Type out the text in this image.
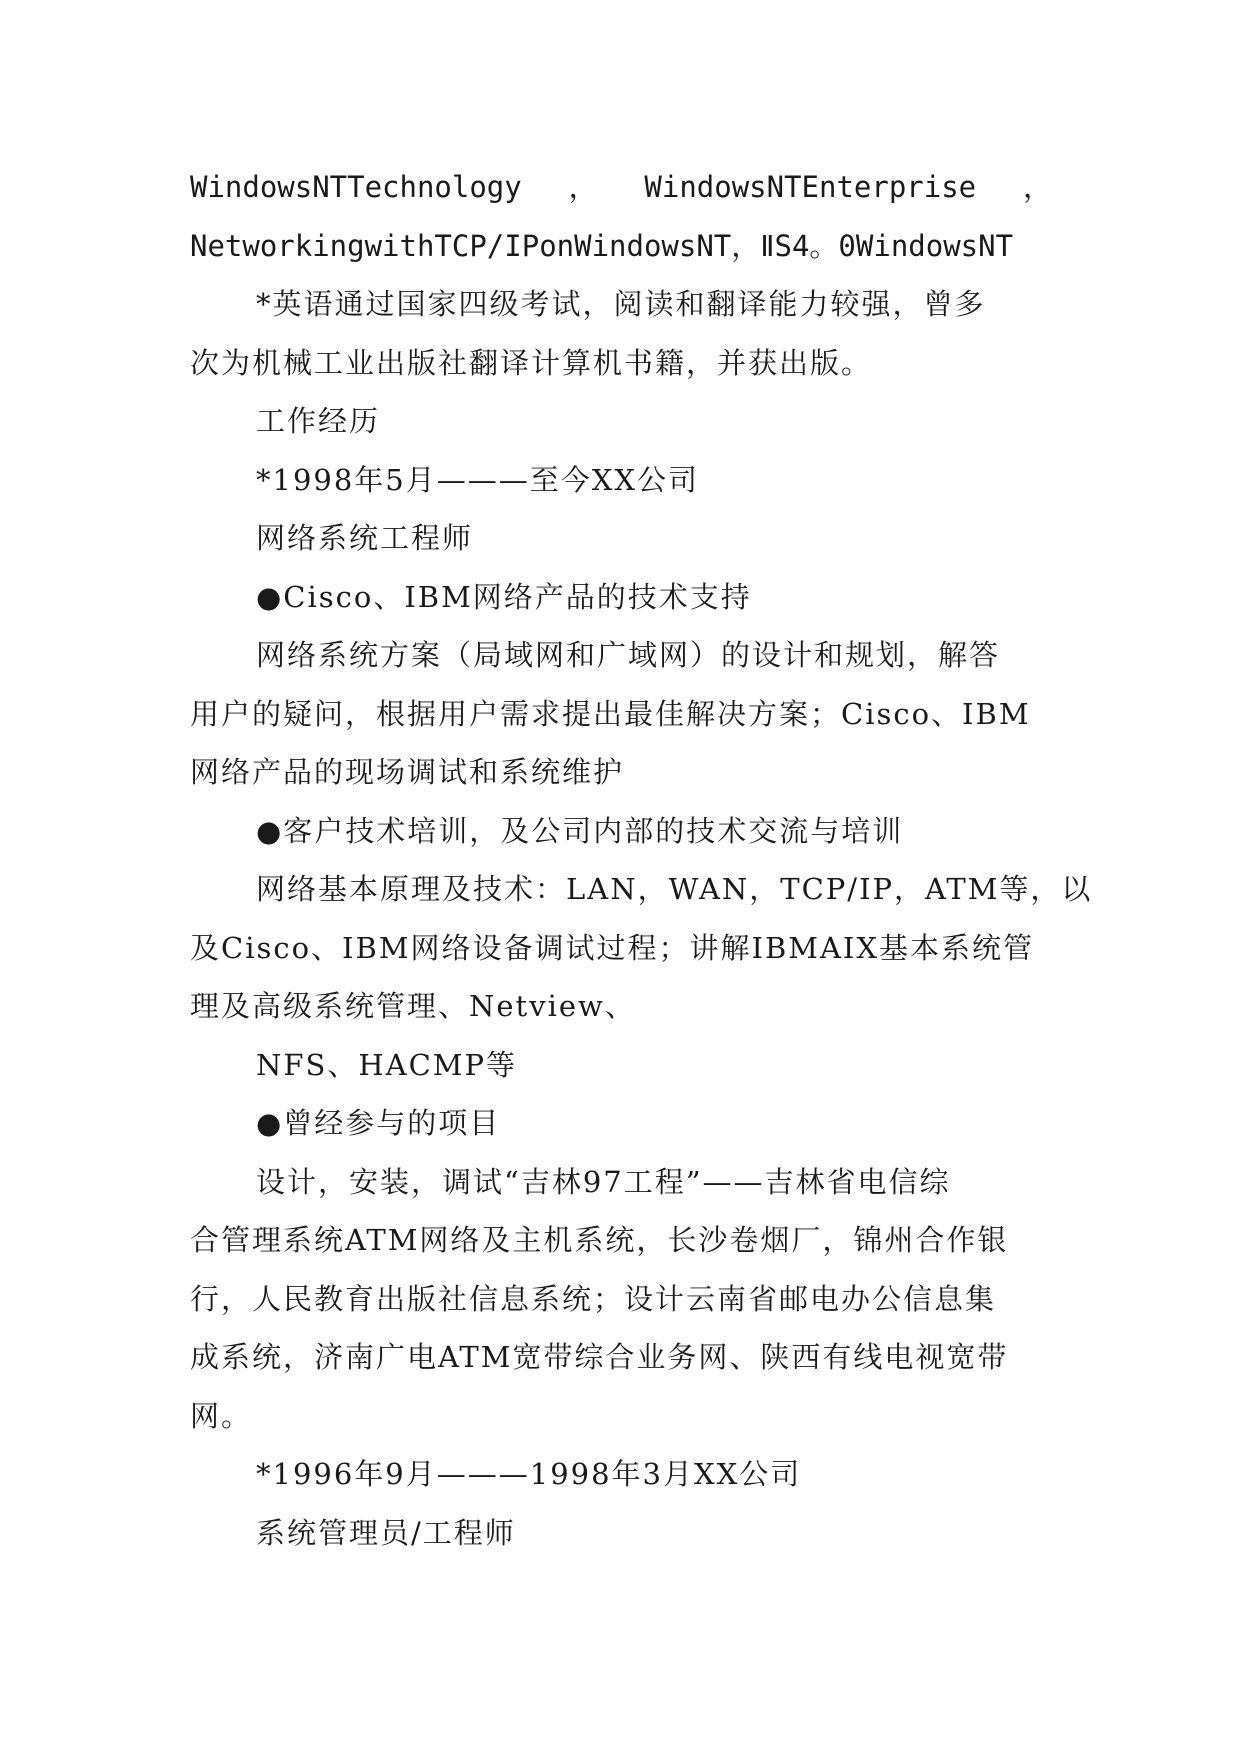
WindowsNTTechnology ， WindowsNTEnterprise ，
NetworkingwithTCP/IPonWindowsNT，ⅡS4。0WindowsNT
*英语通过国家四级考试，阅读和翻译能力较强，曾多
次为机械工业出版社翻译计算机书籍，并获出版。
工作经历
*1998年5月———至今XX公司
网络系统工程师
●Cisco、IBM网络产品的技术支持
网络系统方案（局域网和广域网）的设计和规划，解答
用户的疑问，根据用户需求提出最佳解决方案；Cisco、IBM
网络产品的现场调试和系统维护
●客户技术培训，及公司内部的技术交流与培训
网络基本原理及技术：LAN，WAN，TCP/IP，ATM等，以
及Cisco、IBM网络设备调试过程；讲解IBMAIX基本系统管
理及高级系统管理、Netview、
NFS、HACMP等
●曾经参与的项目
设计，安装，调试“吉林97工程”——吉林省电信综
合管理系统ATM网络及主机系统，长沙卷烟厂，锦州合作银
行，人民教育出版社信息系统；设计云南省邮电办公信息集
成系统，济南广电ATM宽带综合业务网、陕西有线电视宽带
网。
*1996年9月———1998年3月XX公司
系统管理员/工程师
